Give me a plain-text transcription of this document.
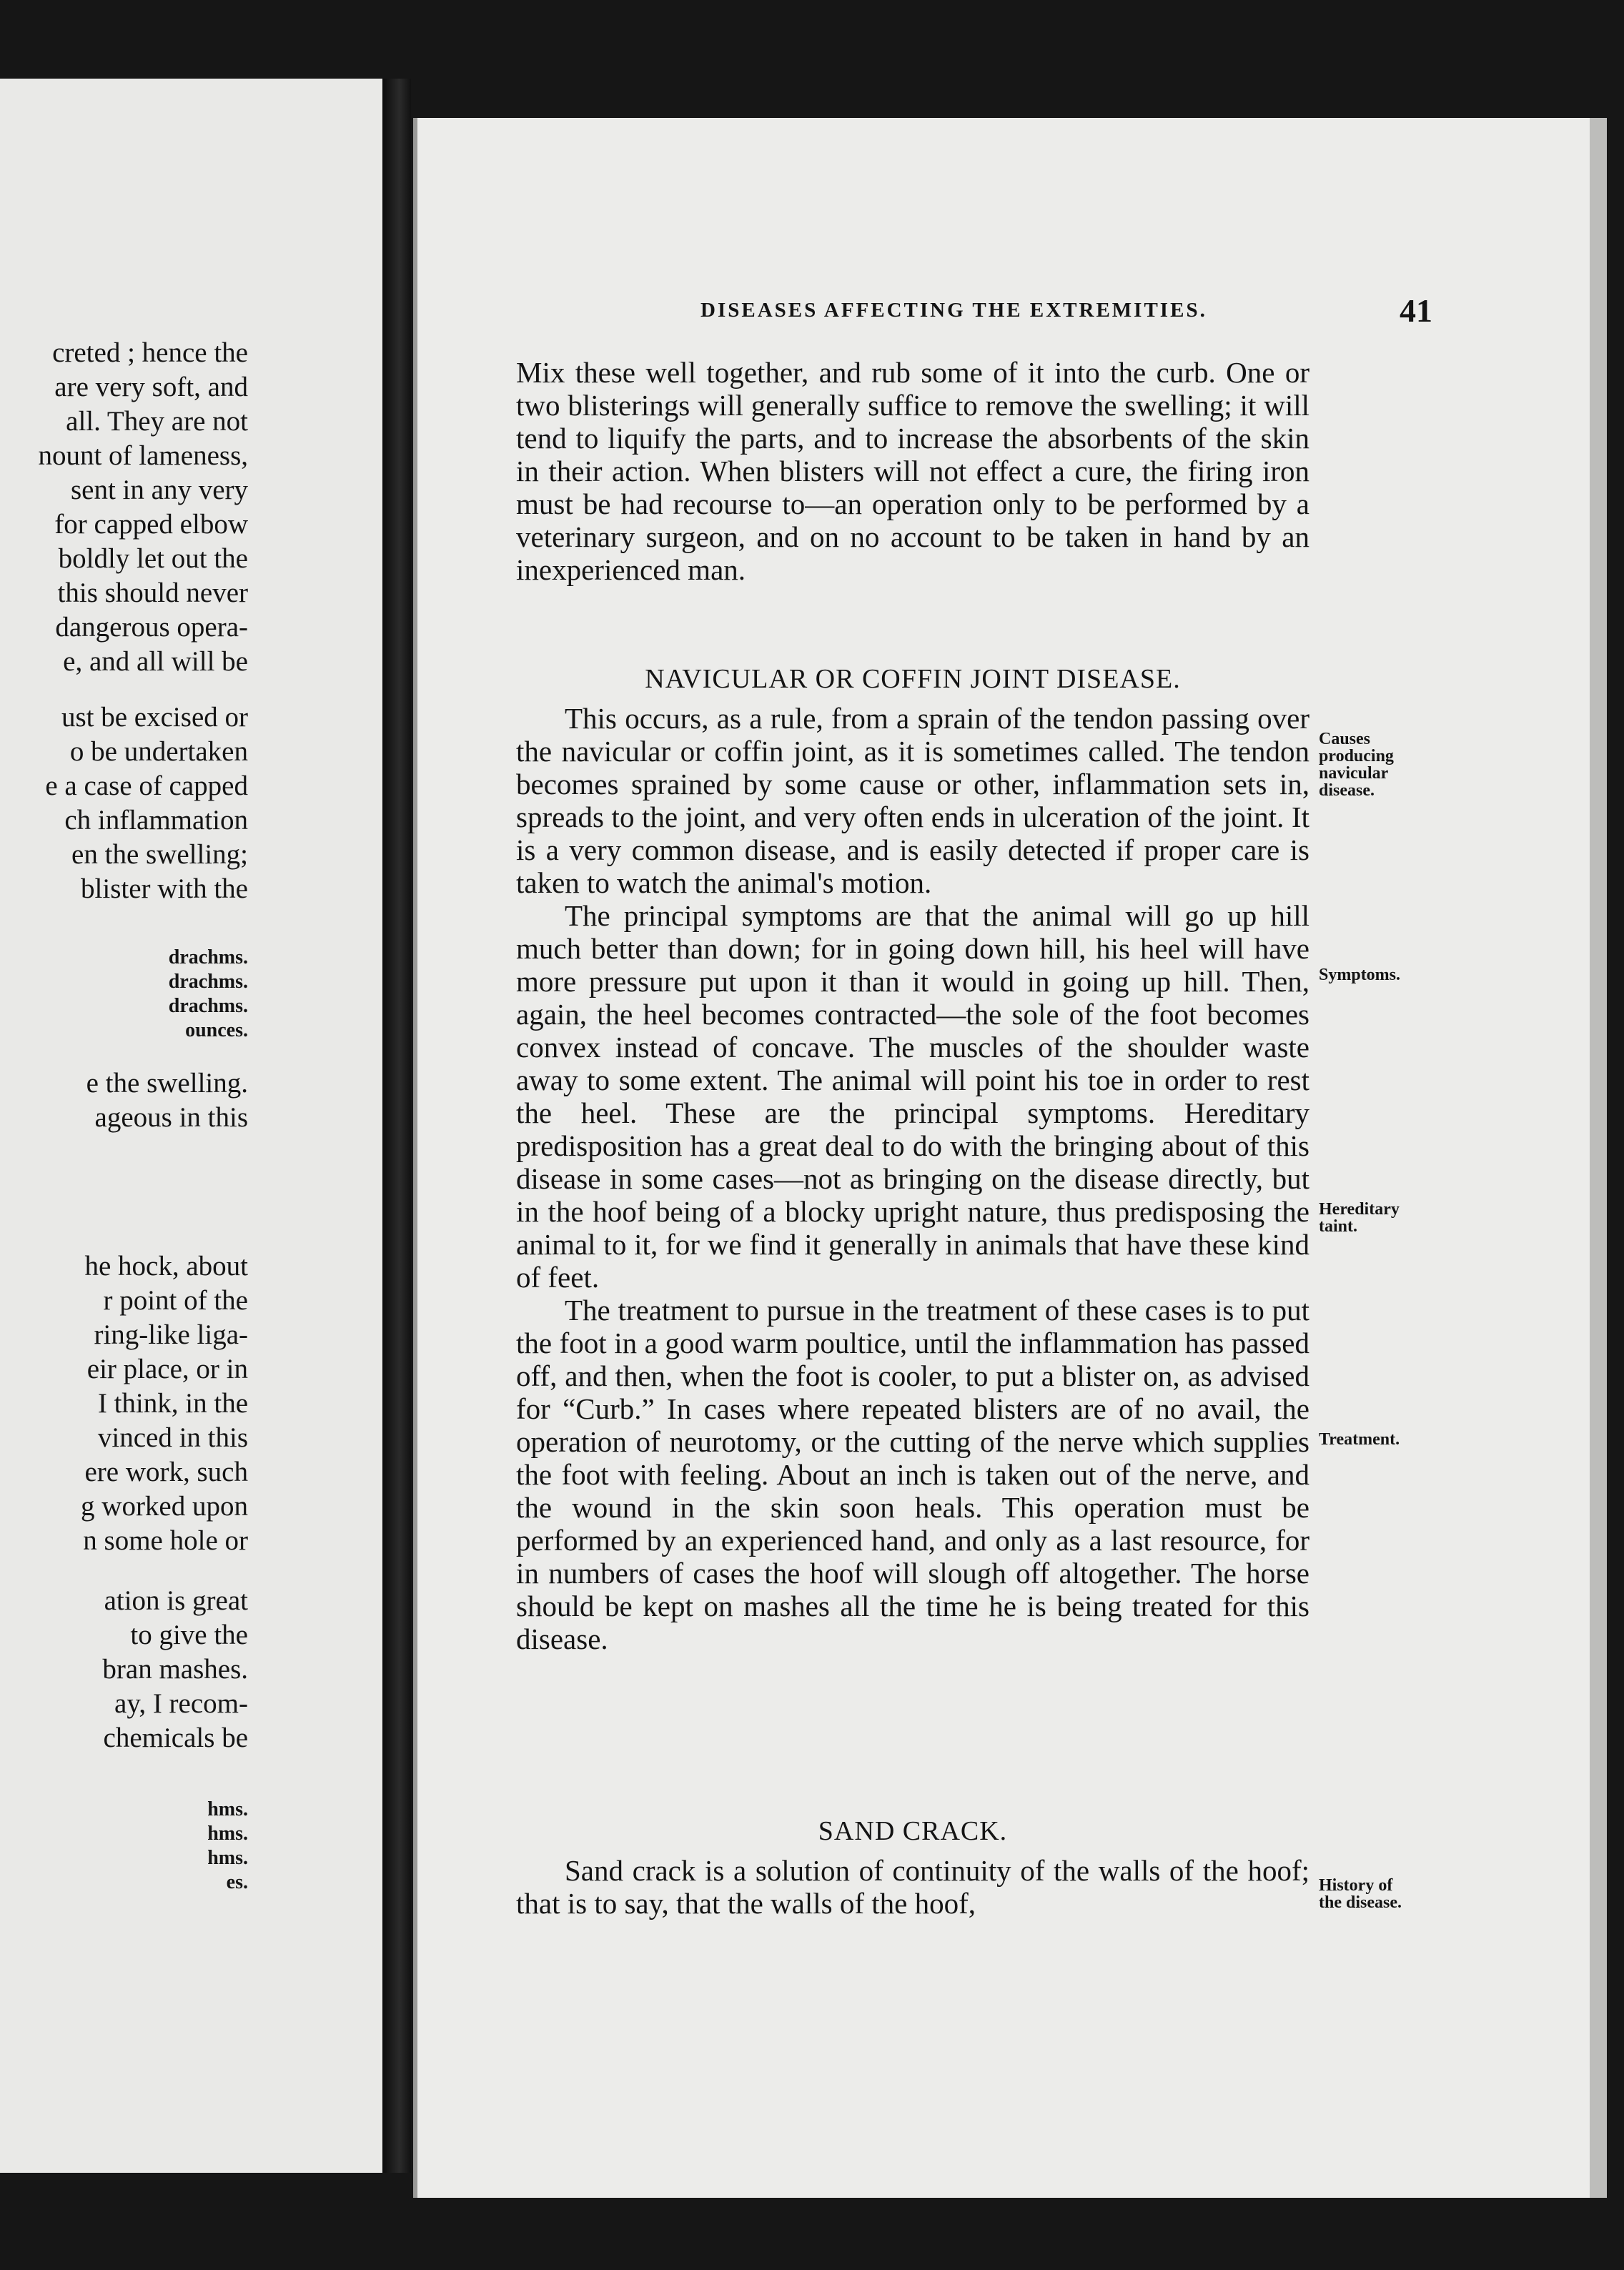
creted ; hence the
are very soft, and
all. They are not
nount of lameness,
sent in any very
for capped elbow
boldly let out the
this should never
dangerous opera-
e, and all will be
ust be excised or
o be undertaken
e a case of capped
ch inflammation
en the swelling;
blister with the
drachms.
drachms.
drachms.
ounces.
e the swelling.
ageous in this
he hock, about
r point of the
ring-like liga-
eir place, or in
I think, in the
vinced in this
ere work, such
g worked upon
n some hole or
ation is great
to give the
bran mashes.
ay, I recom-
chemicals be
hms.
hms.
hms.
es.
DISEASES AFFECTING THE EXTREMITIES.	41

Mix these well together, and rub some of it into the curb. One or two blisterings will generally suffice to remove the swelling; it will tend to liquify the parts, and to increase the absorbents of the skin in their action. When blisters will not effect a cure, the firing iron must be had recourse to—an operation only to be performed by a veterinary surgeon, and on no account to be taken in hand by an inexperienced man.

NAVICULAR OR COFFIN JOINT DISEASE.

This occurs, as a rule, from a sprain of the tendon passing over the navicular or coffin joint, as it is sometimes called. The tendon becomes sprained by some cause or other, inflammation sets in, spreads to the joint, and very often ends in ulceration of the joint. It is a very common disease, and is easily detected if proper care is taken to watch the animal's motion.

The principal symptoms are that the animal will go up hill much better than down; for in going down hill, his heel will have more pressure put upon it than it would in going up hill. Then, again, the heel becomes contracted—the sole of the foot becomes convex instead of concave. The muscles of the shoulder waste away to some extent. The animal will point his toe in order to rest the heel. These are the principal symptoms. Hereditary predisposition has a great deal to do with the bringing about of this disease in some cases—not as bringing on the disease directly, but in the hoof being of a blocky upright nature, thus predisposing the animal to it, for we find it generally in animals that have these kind of feet.

The treatment to pursue in the treatment of these cases is to put the foot in a good warm poultice, until the inflammation has passed off, and then, when the foot is cooler, to put a blister on, as advised for “Curb.” In cases where repeated blisters are of no avail, the operation of neurotomy, or the cutting of the nerve which supplies the foot with feeling. About an inch is taken out of the nerve, and the wound in the skin soon heals. This operation must be performed by an experienced hand, and only as a last resource, for in numbers of cases the hoof will slough off altogether. The horse should be kept on mashes all the time he is being treated for this disease.

SAND CRACK.

Sand crack is a solution of continuity of the walls of the hoof; that is to say, that the walls of the hoof,

Causes
producing
navicular
disease.
Symptoms.
Hereditary
taint.
Treatment.
History of
the disease.
